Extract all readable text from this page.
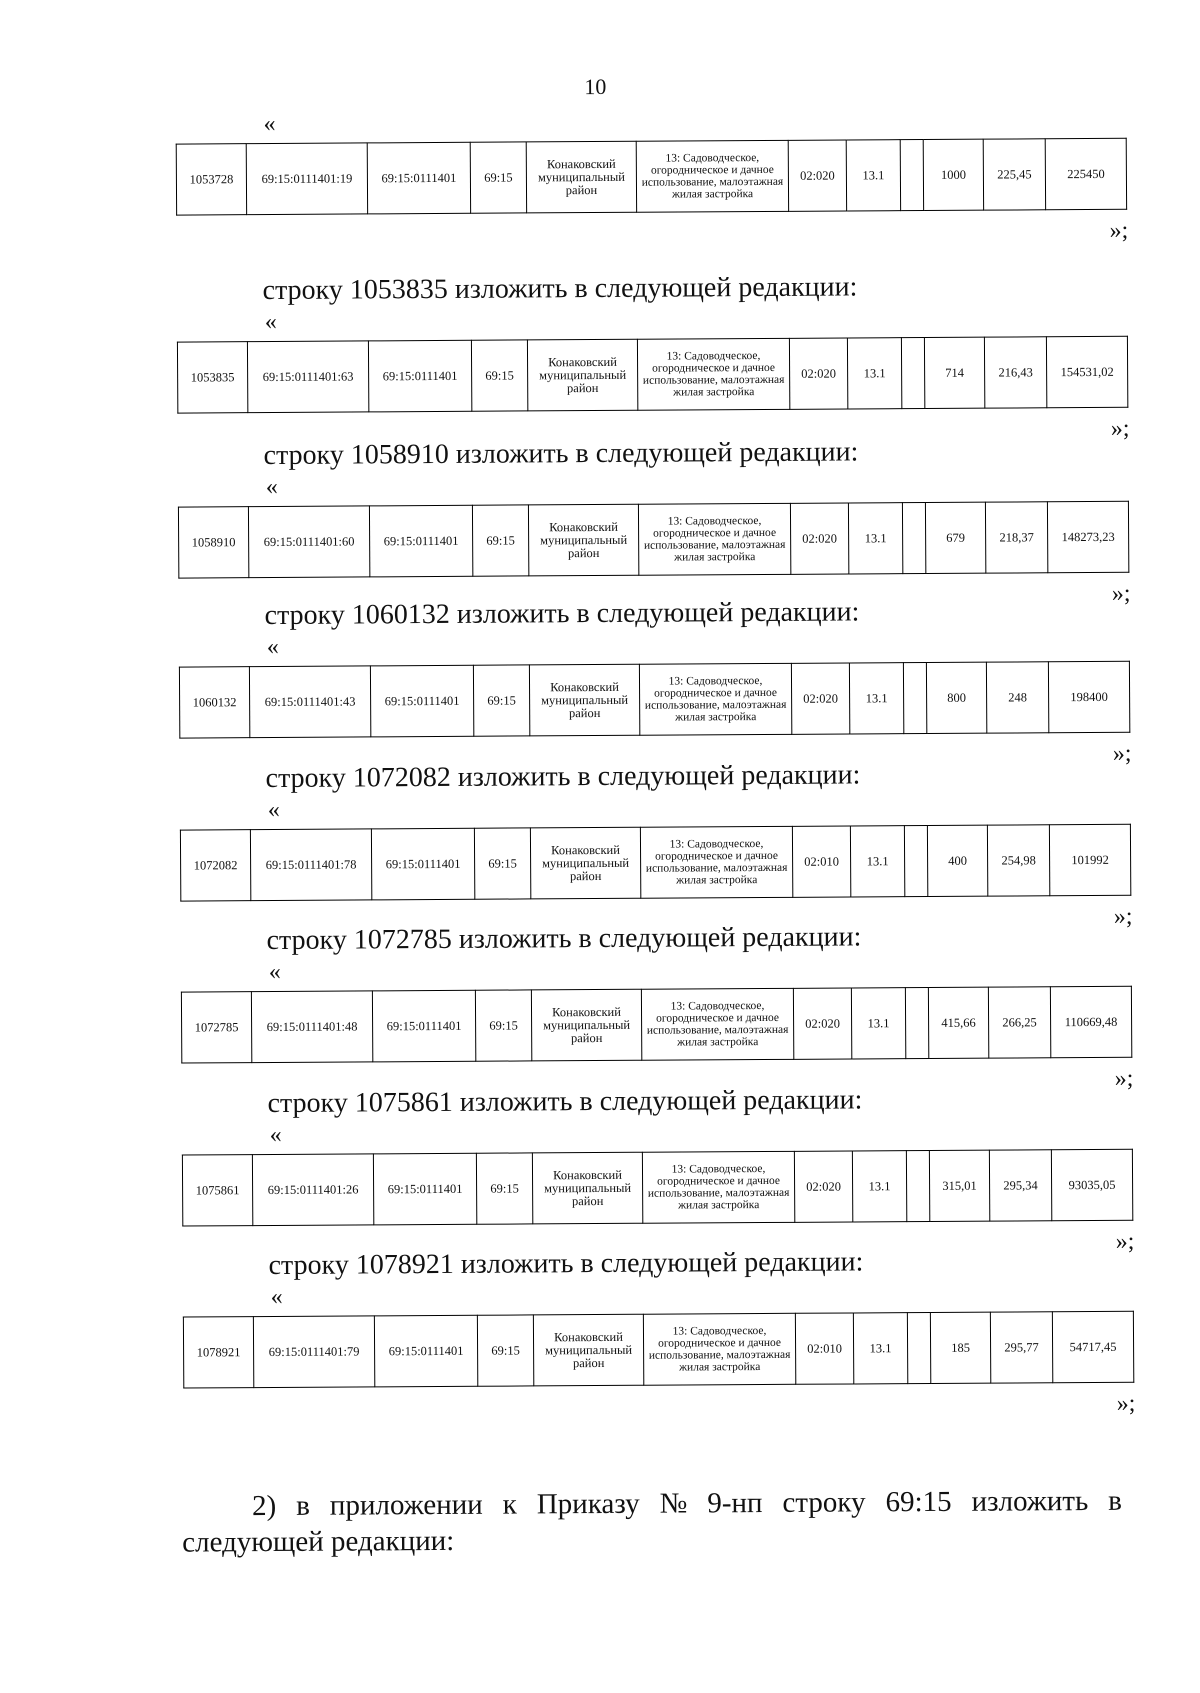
10
«
1053728	69:15:0111401:19	69:15:0111401	69:15	Конаковский муниципальный район	13: Садоводческое, огородническое и дачное использование, малоэтажная жилая застройка	02:020	13.1		1000	225,45	225450
»;
строку 1053835 изложить в следующей редакции:
«
1053835	69:15:0111401:63	69:15:0111401	69:15	Конаковский муниципальный район	13: Садоводческое, огородническое и дачное использование, малоэтажная жилая застройка	02:020	13.1		714	216,43	154531,02
»;
строку 1058910 изложить в следующей редакции:
«
1058910	69:15:0111401:60	69:15:0111401	69:15	Конаковский муниципальный район	13: Садоводческое, огородническое и дачное использование, малоэтажная жилая застройка	02:020	13.1		679	218,37	148273,23
»;
строку 1060132 изложить в следующей редакции:
«
1060132	69:15:0111401:43	69:15:0111401	69:15	Конаковский муниципальный район	13: Садоводческое, огородническое и дачное использование, малоэтажная жилая застройка	02:020	13.1		800	248	198400
»;
строку 1072082 изложить в следующей редакции:
«
1072082	69:15:0111401:78	69:15:0111401	69:15	Конаковский муниципальный район	13: Садоводческое, огородническое и дачное использование, малоэтажная жилая застройка	02:010	13.1		400	254,98	101992
»;
строку 1072785 изложить в следующей редакции:
«
1072785	69:15:0111401:48	69:15:0111401	69:15	Конаковский муниципальный район	13: Садоводческое, огородническое и дачное использование, малоэтажная жилая застройка	02:020	13.1		415,66	266,25	110669,48
»;
строку 1075861 изложить в следующей редакции:
«
1075861	69:15:0111401:26	69:15:0111401	69:15	Конаковский муниципальный район	13: Садоводческое, огородническое и дачное использование, малоэтажная жилая застройка	02:020	13.1		315,01	295,34	93035,05
»;
строку 1078921 изложить в следующей редакции:
«
1078921	69:15:0111401:79	69:15:0111401	69:15	Конаковский муниципальный район	13: Садоводческое, огородническое и дачное использование, малоэтажная жилая застройка	02:010	13.1		185	295,77	54717,45
»;
2) в приложении к Приказу № 9-нп строку 69:15 изложить в
следующей редакции:
